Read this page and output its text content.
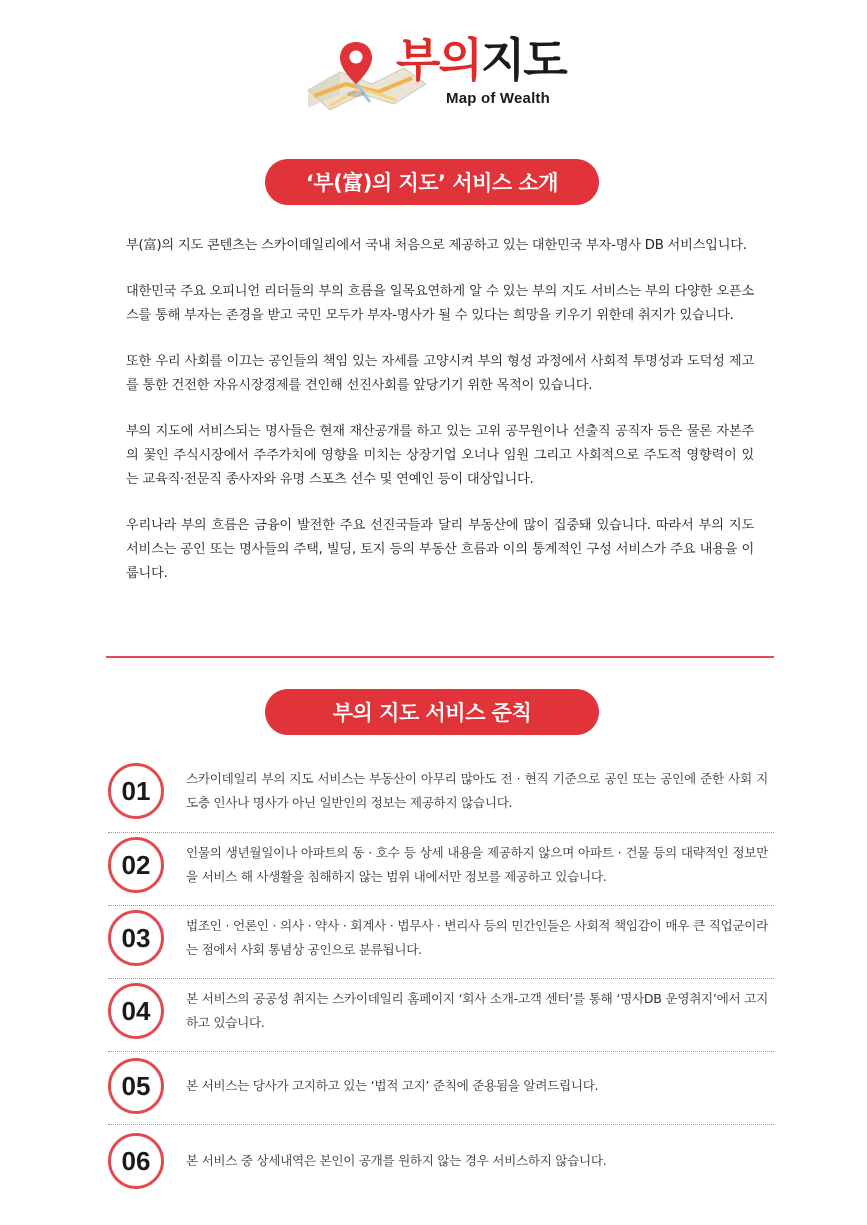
부의지도
Map of Wealth
‘부(富)의 지도’ 서비스 소개

부(富)의 지도 콘텐츠는 스카이데일리에서 국내 처음으로 제공하고 있는 대한민국 부자-명사 DB 서비스입니다.

대한민국 주요 오피니언 리더들의 부의 흐름을 일목요연하게 알 수 있는 부의 지도 서비스는 부의 다양한 오픈소스를 통해 부자는 존경을 받고 국민 모두가 부자-명사가 될 수 있다는 희망을 키우기 위한데 취지가 있습니다.

또한 우리 사회를 이끄는 공인들의 책임 있는 자세를 고양시켜 부의 형성 과정에서 사회적 투명성과 도덕성 제고를 통한 건전한 자유시장경제를 견인해 선진사회를 앞당기기 위한 목적이 있습니다.

부의 지도에 서비스되는 명사들은 현재 재산공개를 하고 있는 고위 공무원이나 선출직 공직자 등은 물론 자본주의 꽃인 주식시장에서 주주가치에 영향을 미치는 상장기업 오너나 임원 그리고 사회적으로 주도적 영향력이 있는 교육직·전문직 종사자와 유명 스포츠 선수 및 연예인 등이 대상입니다.

우리나라 부의 흐름은 금융이 발전한 주요 선진국들과 달리 부동산에 많이 집중돼 있습니다. 따라서 부의 지도 서비스는 공인 또는 명사들의 주택, 빌딩, 토지 등의 부동산 흐름과 이의 통계적인 구성 서비스가 주요 내용을 이룹니다.

부의 지도 서비스 준칙
01	스카이데일리 부의 지도 서비스는 부동산이 아무리 많아도 전 · 현직 기준으로 공인 또는 공인에 준한 사회 지도층 인사나 명사가 아닌 일반인의 정보는 제공하지 않습니다.
02	인물의 생년월일이나 아파트의 동 · 호수 등 상세 내용을 제공하지 않으며 아파트 · 건물 등의 대략적인 정보만을 서비스 해 사생활을 침해하지 않는 범위 내에서만 정보를 제공하고 있습니다.
03	법조인 · 언론인 · 의사 · 약사 · 회계사 · 법무사 · 변리사 등의 민간인들은 사회적 책임감이 매우 큰 직업군이라는 점에서 사회 통념상 공인으로 분류됩니다.
04	본 서비스의 공공성 취지는 스카이데일리 홈페이지 ‘회사 소개-고객 센터’를 통해 ‘명사DB 운영취지’에서 고지하고 있습니다.
05	본 서비스는 당사가 고지하고 있는 ‘법적 고지’ 준칙에 준용됨을 알려드립니다.
06	본 서비스 중 상세내역은 본인이 공개를 원하지 않는 경우 서비스하지 않습니다.
